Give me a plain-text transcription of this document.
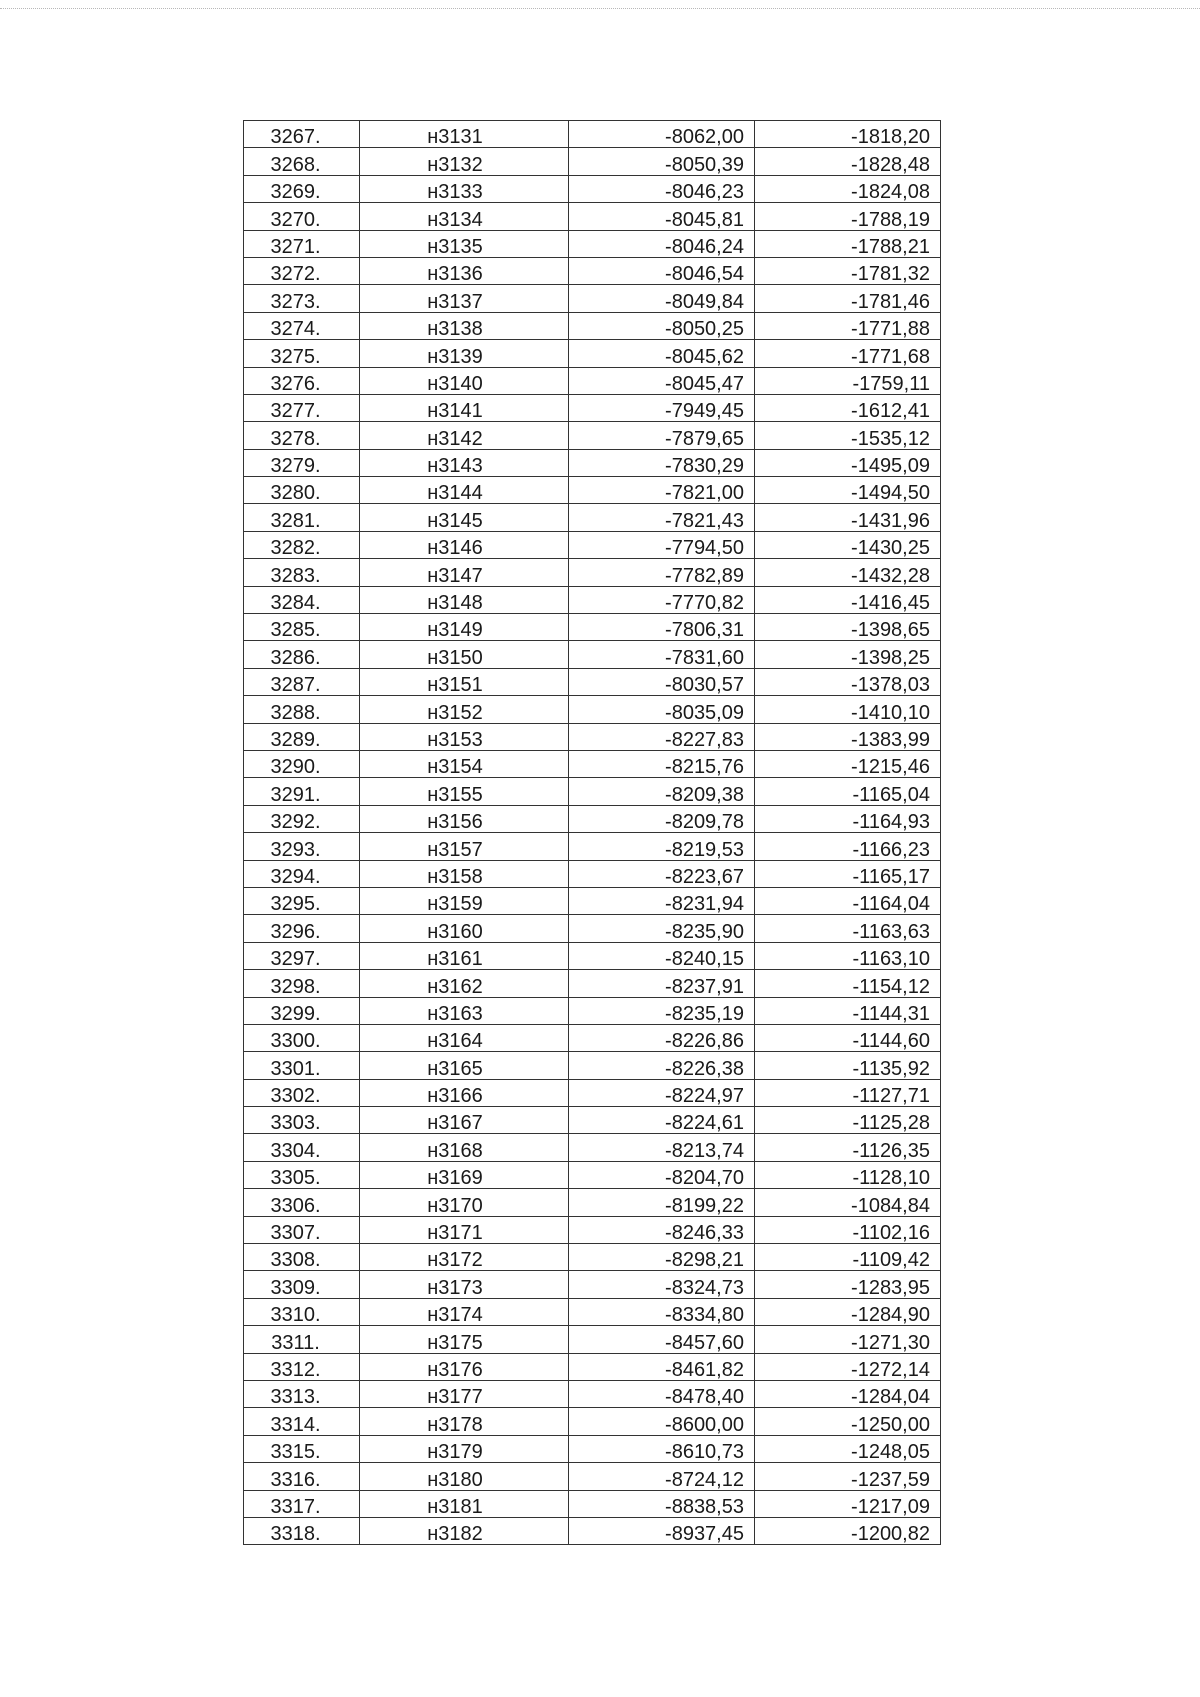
3267.	н3131	-8062,00	-1818,20
3268.	н3132	-8050,39	-1828,48
3269.	н3133	-8046,23	-1824,08
3270.	н3134	-8045,81	-1788,19
3271.	н3135	-8046,24	-1788,21
3272.	н3136	-8046,54	-1781,32
3273.	н3137	-8049,84	-1781,46
3274.	н3138	-8050,25	-1771,88
3275.	н3139	-8045,62	-1771,68
3276.	н3140	-8045,47	-1759,11
3277.	н3141	-7949,45	-1612,41
3278.	н3142	-7879,65	-1535,12
3279.	н3143	-7830,29	-1495,09
3280.	н3144	-7821,00	-1494,50
3281.	н3145	-7821,43	-1431,96
3282.	н3146	-7794,50	-1430,25
3283.	н3147	-7782,89	-1432,28
3284.	н3148	-7770,82	-1416,45
3285.	н3149	-7806,31	-1398,65
3286.	н3150	-7831,60	-1398,25
3287.	н3151	-8030,57	-1378,03
3288.	н3152	-8035,09	-1410,10
3289.	н3153	-8227,83	-1383,99
3290.	н3154	-8215,76	-1215,46
3291.	н3155	-8209,38	-1165,04
3292.	н3156	-8209,78	-1164,93
3293.	н3157	-8219,53	-1166,23
3294.	н3158	-8223,67	-1165,17
3295.	н3159	-8231,94	-1164,04
3296.	н3160	-8235,90	-1163,63
3297.	н3161	-8240,15	-1163,10
3298.	н3162	-8237,91	-1154,12
3299.	н3163	-8235,19	-1144,31
3300.	н3164	-8226,86	-1144,60
3301.	н3165	-8226,38	-1135,92
3302.	н3166	-8224,97	-1127,71
3303.	н3167	-8224,61	-1125,28
3304.	н3168	-8213,74	-1126,35
3305.	н3169	-8204,70	-1128,10
3306.	н3170	-8199,22	-1084,84
3307.	н3171	-8246,33	-1102,16
3308.	н3172	-8298,21	-1109,42
3309.	н3173	-8324,73	-1283,95
3310.	н3174	-8334,80	-1284,90
3311.	н3175	-8457,60	-1271,30
3312.	н3176	-8461,82	-1272,14
3313.	н3177	-8478,40	-1284,04
3314.	н3178	-8600,00	-1250,00
3315.	н3179	-8610,73	-1248,05
3316.	н3180	-8724,12	-1237,59
3317.	н3181	-8838,53	-1217,09
3318.	н3182	-8937,45	-1200,82
